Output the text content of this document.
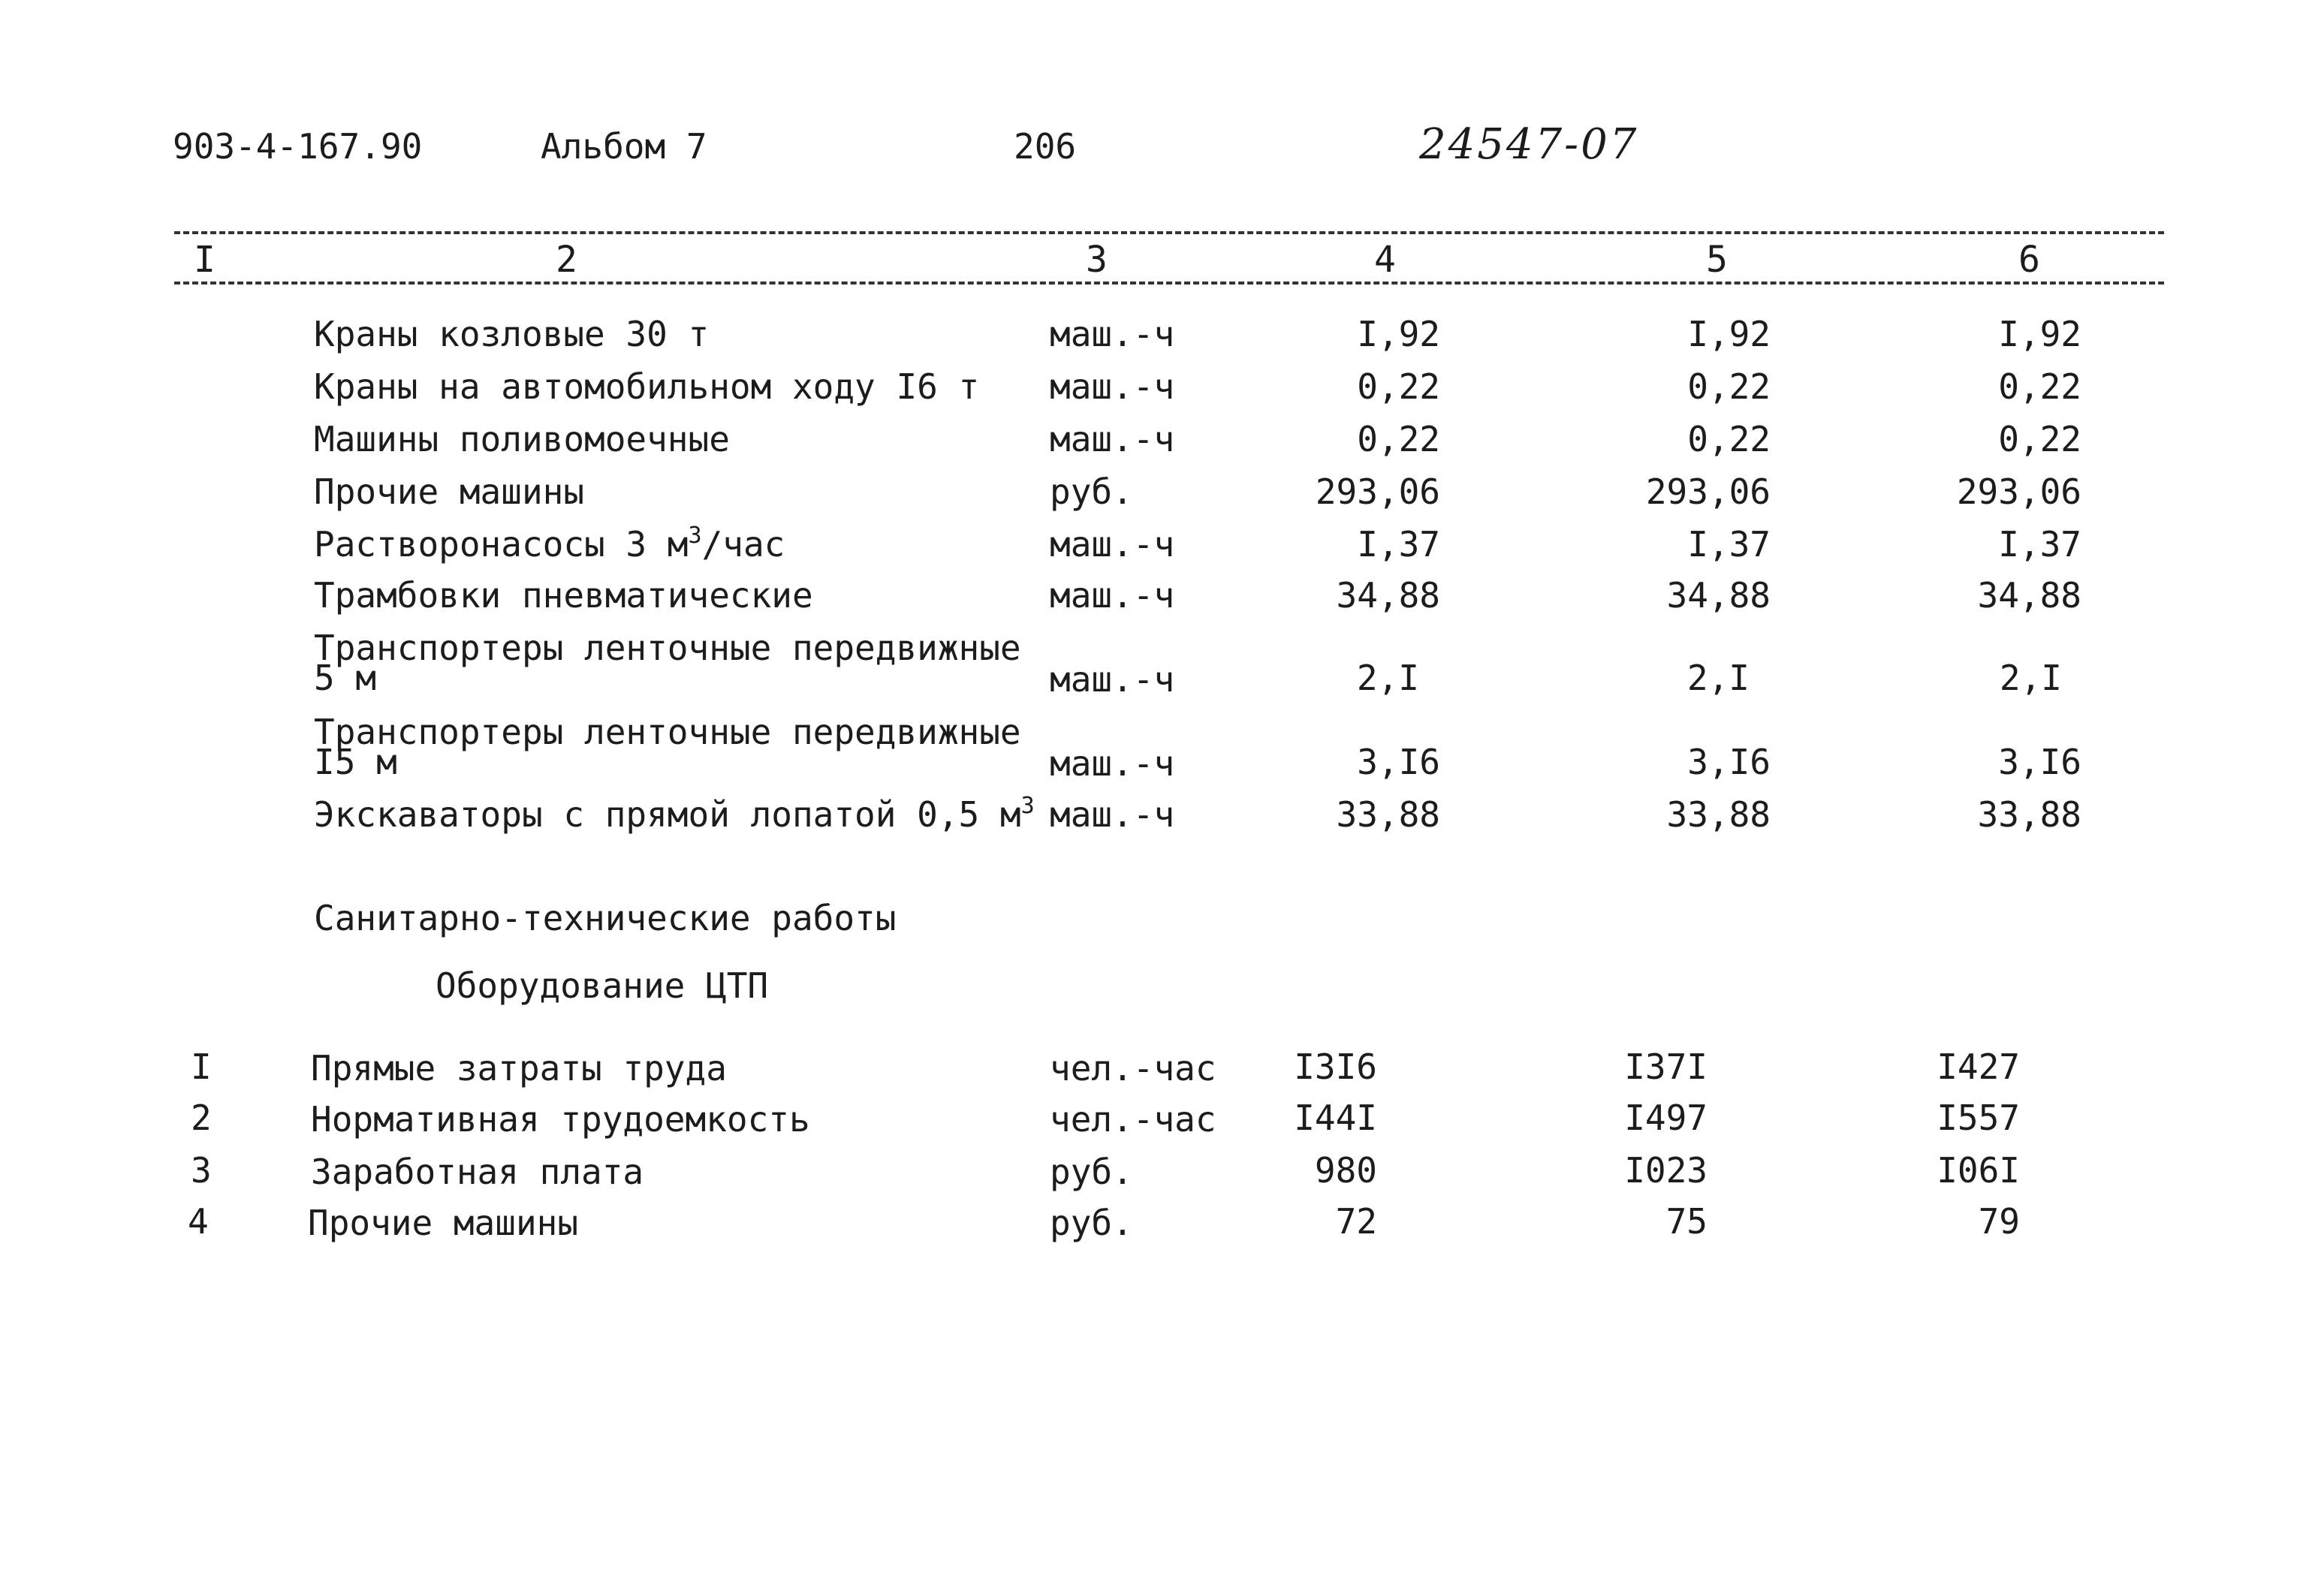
903-4-167.90	Альбом 7	206	24547-07
I	2	3	4	5	6
Краны козловые 30 т	маш.-ч	I,92	I,92	I,92
Краны на автомобильном ходу I6 т маш.-ч	0,22	0,22	0,22
Машины поливомоечные	маш.-ч	0,22	0,22	0,22
Прочие машины	руб.	293,06	293,06	293,06
Растворонасосы 3 $м^3$/час	маш.-ч	I,37	I,37	I,37
Трамбовки пневматические	маш.-ч	34,88	34,88	34,88
Транспортеры ленточные передвижные
5 м	маш.-ч	2,I	2,I	2,I
Транспортеры ленточные передвижные
I5 м	маш.-ч	3,I6	3,I6	3,I6
Экскаваторы с прямой лопатой 0,5 $м^3$ маш.-ч	33,88	33,88	33,88
Санитарно-технические работы
Оборудование ЦТП
I	Прямые затраты труда	чел.-час	I3I6	I37I	I427
2	Нормативная трудоемкость	чел.-час	I44I	I497	I557
3	Заработная плата	руб.	980	I023	I06I
4	Прочие машины	руб.	72	75	79
